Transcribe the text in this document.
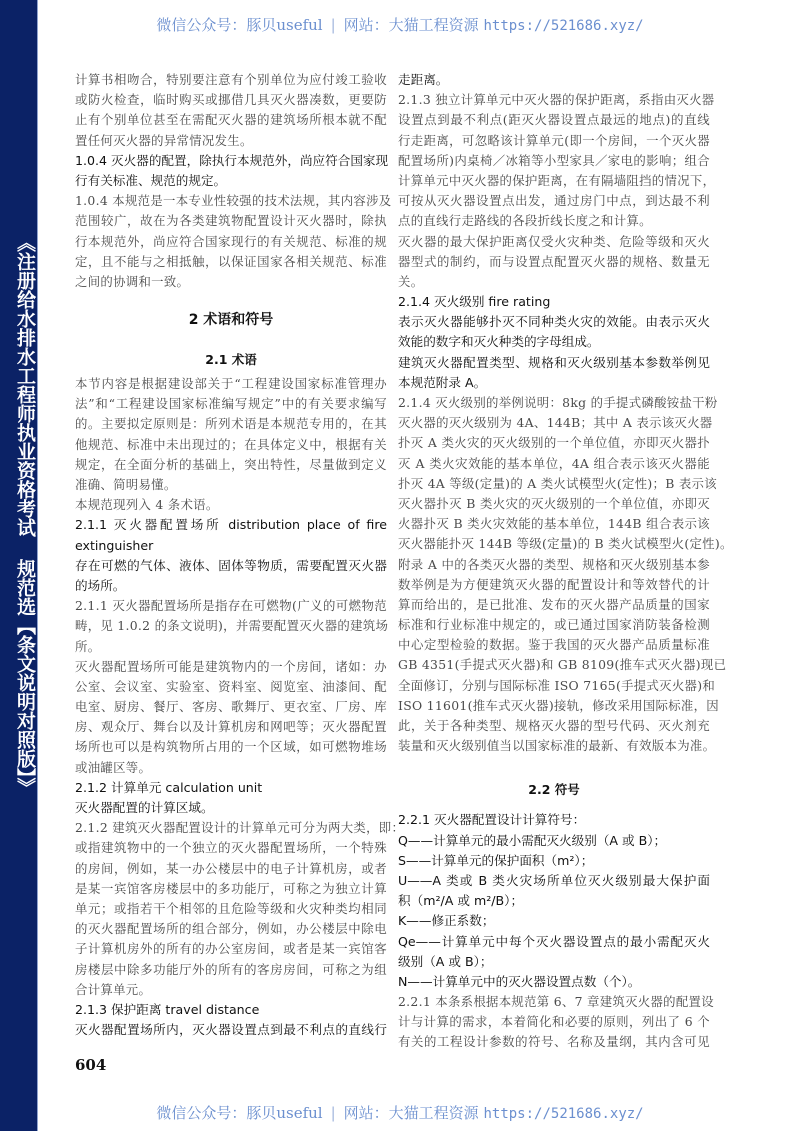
《注册给水排水工程师执业资格考试 规范选【条文说明对照版】》
微信公众号：豚贝useful | 网站：大猫工程资源 https://521686.xyz/
计算书相吻合，特别要注意有个别单位为应付竣工验收
或防火检查，临时购买或挪借几具灭火器凑数，更要防
止有个别单位甚至在需配灭火器的建筑场所根本就不配
置任何灭火器的异常情况发生。
1.0.4 灭火器的配置，除执行本规范外，尚应符合国家现
行有关标准、规范的规定。
1.0.4 本规范是一本专业性较强的技术法规，其内容涉及
范围较广，故在为各类建筑物配置设计灭火器时，除执
行本规范外，尚应符合国家现行的有关规范、标准的规
定，且不能与之相抵触，以保证国家各相关规范、标准
之间的协调和一致。
2 术语和符号
2.1 术语
本节内容是根据建设部关于“工程建设国家标准管理办
法”和“工程建设国家标准编写规定”中的有关要求编写
的。主要拟定原则是：所列术语是本规范专用的，在其
他规范、标准中未出现过的；在具体定义中，根据有关
规定，在全面分析的基础上，突出特性，尽量做到定义
准确、简明易懂。
本规范现列入 4 条术语。
2.1.1 灭火器配置场所 distribution place of fire
extinguisher
存在可燃的气体、液体、固体等物质，需要配置灭火器
的场所。
2.1.1 灭火器配置场所是指存在可燃物(广义的可燃物范
畴，见 1.0.2 的条文说明)，并需要配置灭火器的建筑场
所。
灭火器配置场所可能是建筑物内的一个房间，诸如：办
公室、会议室、实验室、资料室、阅览室、油漆间、配
电室、厨房、餐厅、客房、歌舞厅、更衣室、厂房、库
房、观众厅、舞台以及计算机房和网吧等；灭火器配置
场所也可以是构筑物所占用的一个区域，如可燃物堆场
或油罐区等。
2.1.2 计算单元 calculation unit
灭火器配置的计算区域。
2.1.2 建筑灭火器配置设计的计算单元可分为两大类，即：
或指建筑物中的一个独立的灭火器配置场所，一个特殊
的房间，例如，某一办公楼层中的电子计算机房，或者
是某一宾馆客房楼层中的多功能厅，可称之为独立计算
单元；或指若干个相邻的且危险等级和火灾种类均相同
的灭火器配置场所的组合部分，例如，办公楼层中除电
子计算机房外的所有的办公室房间，或者是某一宾馆客
房楼层中除多功能厅外的所有的客房房间，可称之为组
合计算单元。
2.1.3 保护距离 travel distance
灭火器配置场所内，灭火器设置点到最不利点的直线行
走距离。
2.1.3 独立计算单元中灭火器的保护距离，系指由灭火器
设置点到最不利点(距灭火器设置点最远的地点)的直线
行走距离，可忽略该计算单元(即一个房间，一个灭火器
配置场所)内桌椅／冰箱等小型家具／家电的影响；组合
计算单元中灭火器的保护距离，在有隔墙阻挡的情况下，
可按从灭火器设置点出发，通过房门中点，到达最不利
点的直线行走路线的各段折线长度之和计算。
灭火器的最大保护距离仅受火灾种类、危险等级和灭火
器型式的制约，而与设置点配置灭火器的规格、数量无
关。
2.1.4 灭火级别 fire rating
表示灭火器能够扑灭不同种类火灾的效能。由表示灭火
效能的数字和灭火种类的字母组成。
建筑灭火器配置类型、规格和灭火级别基本参数举例见
本规范附录 A。
2.1.4 灭火级别的举例说明：8kg 的手提式磷酸铵盐干粉
灭火器的灭火级别为 4A、144B；其中 A 表示该灭火器
扑灭 A 类火灾的灭火级别的一个单位值，亦即灭火器扑
灭 A 类火灾效能的基本单位，4A 组合表示该灭火器能
扑灭 4A 等级(定量)的 A 类火试模型火(定性)；B 表示该
灭火器扑灭 B 类火灾的灭火级别的一个单位值，亦即灭
火器扑灭 B 类火灾效能的基本单位，144B 组合表示该
灭火器能扑灭 144B 等级(定量)的 B 类火试模型火(定性)。
附录 A 中的各类灭火器的类型、规格和灭火级别基本参
数举例是为方便建筑灭火器的配置设计和等效替代的计
算而给出的，是已批准、发布的灭火器产品质量的国家
标准和行业标准中规定的，或已通过国家消防装备检测
中心定型检验的数据。鉴于我国的灭火器产品质量标准
GB 4351(手提式灭火器)和 GB 8109(推车式灭火器)现已
全面修订，分别与国际标准 ISO 7165(手提式灭火器)和
ISO 11601(推车式灭火器)接轨，修改采用国际标准，因
此，关于各种类型、规格灭火器的型号代码、灭火剂充
装量和灭火级别值当以国家标准的最新、有效版本为准。
2.2 符号
2.2.1 灭火器配置设计计算符号：
Q——计算单元的最小需配灭火级别（A 或 B）；
S——计算单元的保护面积（m²）；
U——A 类或 B 类火灾场所单位灭火级别最大保护面
积（m²/A 或 m²/B）；
K——修正系数；
Qe——计算单元中每个灭火器设置点的最小需配灭火
级别（A 或 B）；
N——计算单元中的灭火器设置点数（个）。
2.2.1 本条系根据本规范第 6、7 章建筑灭火器的配置设
计与计算的需求，本着简化和必要的原则，列出了 6 个
有关的工程设计参数的符号、名称及量纲，其内含可见
604
微信公众号：豚贝useful | 网站：大猫工程资源 https://521686.xyz/
